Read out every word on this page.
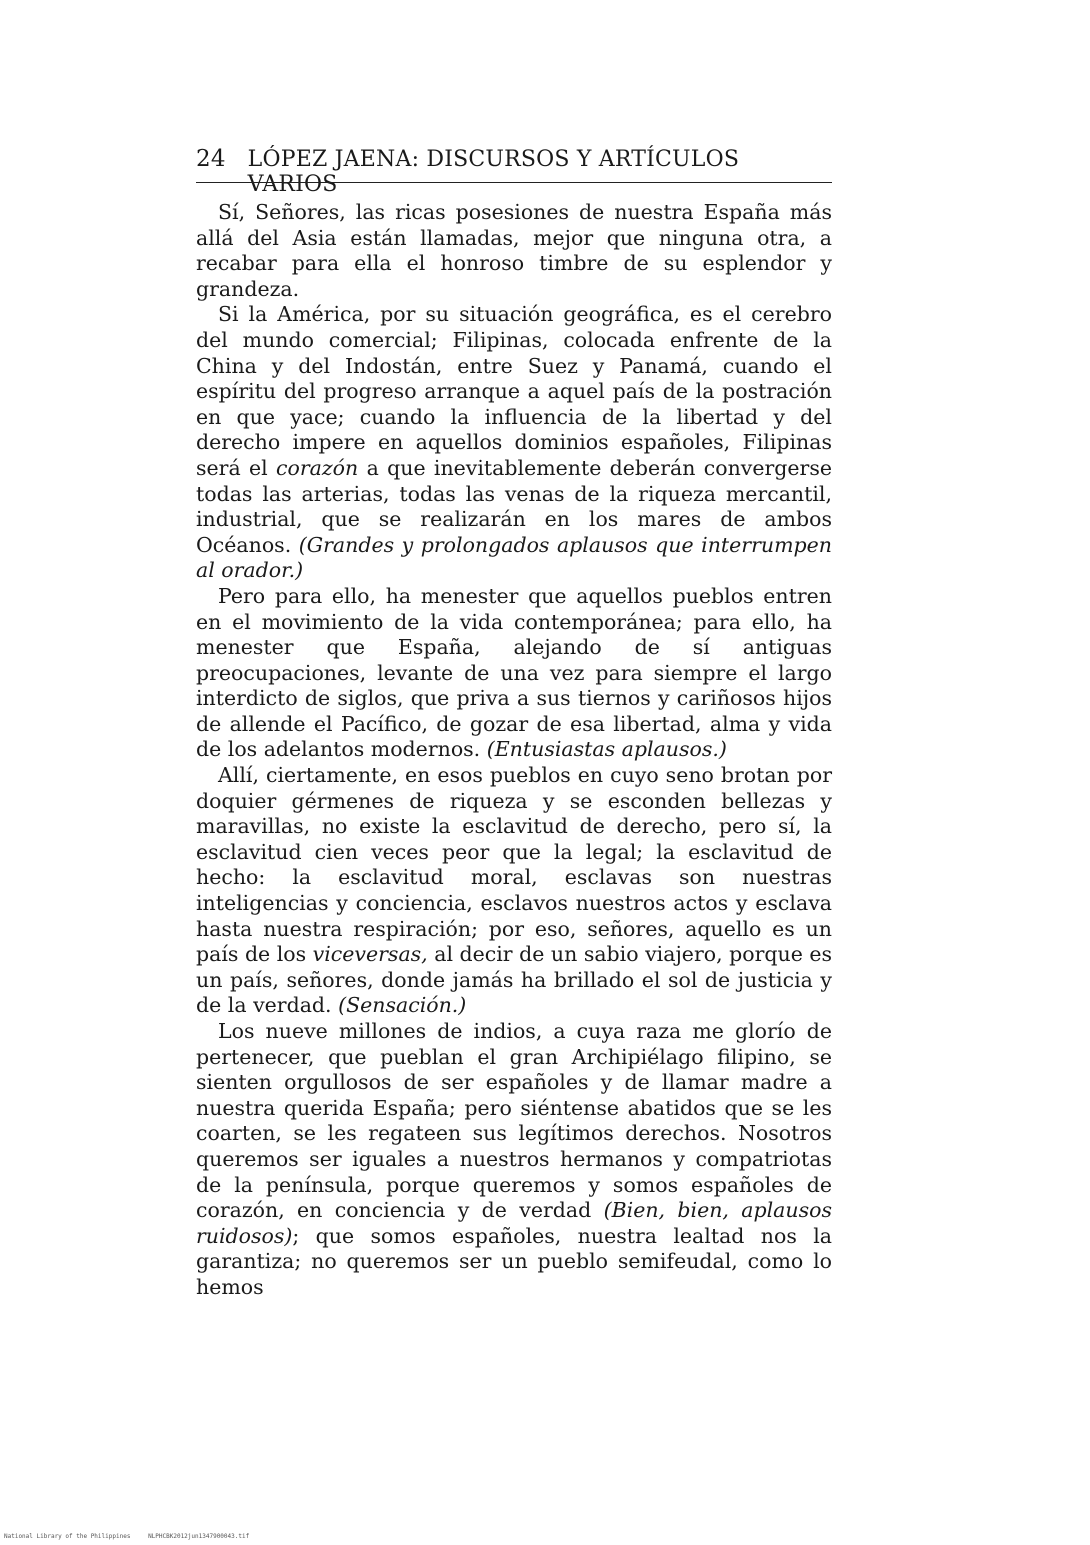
24 LÓPEZ JAENA: DISCURSOS Y ARTÍCULOS VARIOS

Sí, Señores, las ricas posesiones de nuestra España más allá del Asia están llamadas, mejor que ninguna otra, a recabar para ella el honroso timbre de su esplendor y grandeza.

Si la América, por su situación geográfica, es el cerebro del mundo comercial; Filipinas, colocada enfrente de la China y del Indostán, entre Suez y Panamá, cuando el espíritu del progreso arranque a aquel país de la postración en que yace; cuando la influencia de la libertad y del derecho impere en aquellos dominios españoles, Filipinas será el corazón a que inevitablemente deberán convergerse todas las arterias, todas las venas de la riqueza mercantil, industrial, que se realizarán en los mares de ambos Océanos. (Grandes y prolongados aplausos que interrumpen al orador.)

Pero para ello, ha menester que aquellos pueblos entren en el movimiento de la vida contemporánea; para ello, ha menester que España, alejando de sí antiguas preocupaciones, levante de una vez para siempre el largo interdicto de siglos, que priva a sus tiernos y cariñosos hijos de allende el Pacífico, de gozar de esa libertad, alma y vida de los adelantos modernos. (Entusiastas aplausos.)

Allí, ciertamente, en esos pueblos en cuyo seno brotan por doquier gérmenes de riqueza y se esconden bellezas y maravillas, no existe la esclavitud de derecho, pero sí, la esclavitud cien veces peor que la legal; la esclavitud de hecho: la esclavitud moral, esclavas son nuestras inteligencias y conciencia, esclavos nuestros actos y esclava hasta nuestra respiración; por eso, señores, aquello es un país de los viceversas, al decir de un sabio viajero, porque es un país, señores, donde jamás ha brillado el sol de justicia y de la verdad. (Sensación.)

Los nueve millones de indios, a cuya raza me glorío de pertenecer, que pueblan el gran Archipiélago filipino, se sienten orgullosos de ser españoles y de llamar madre a nuestra querida España; pero siéntense abatidos que se les coarten, se les regateen sus legítimos derechos. Nosotros queremos ser iguales a nuestros hermanos y compatriotas de la península, porque queremos y somos españoles de corazón, en conciencia y de verdad (Bien, bien, aplausos ruidosos); que somos españoles, nuestra lealtad nos la garantiza; no queremos ser un pueblo semifeudal, como lo hemos

National Library of the Philippines	NLPHCBK2012jun1347900043.tif
